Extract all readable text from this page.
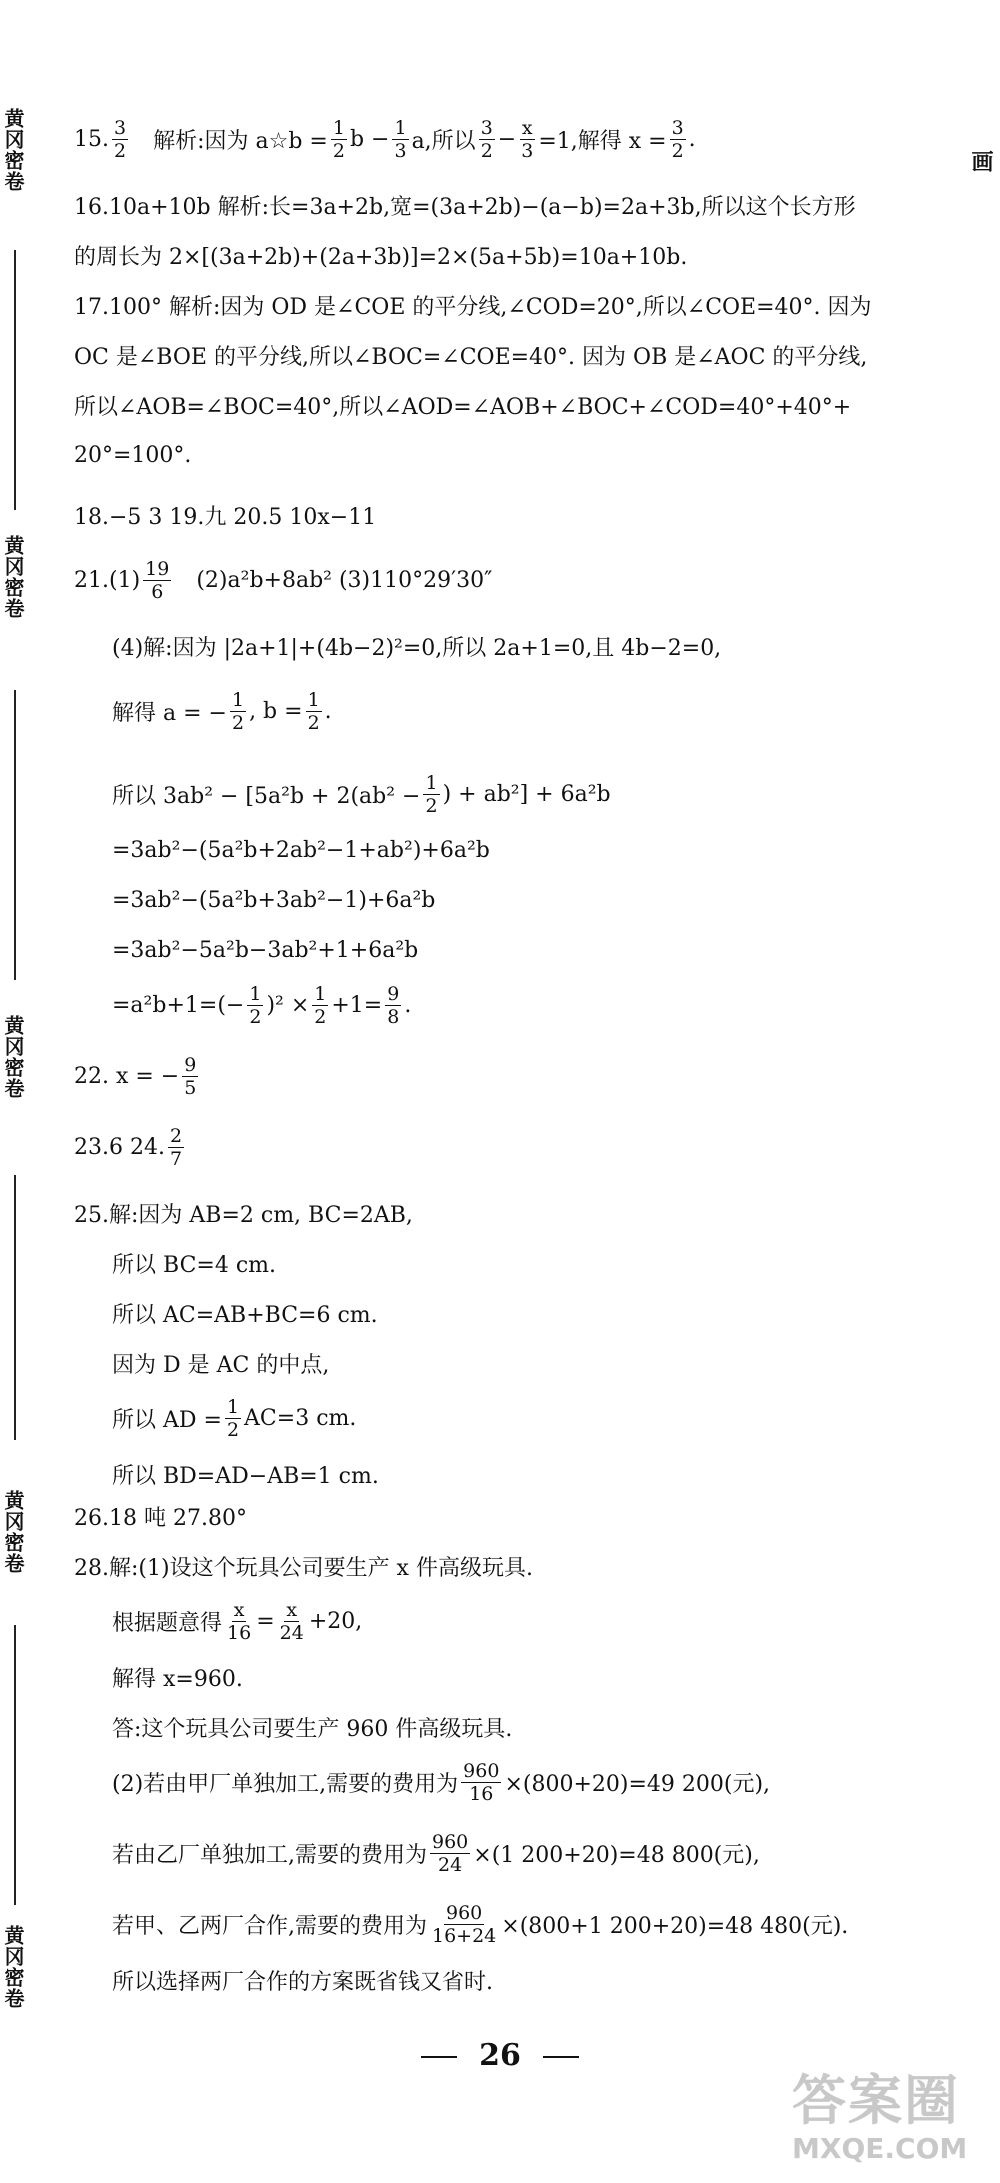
黄冈密卷
黄冈密卷
黄冈密卷
黄冈密卷
黄冈密卷
画
15. $\frac{3}{2}$ 解析:因为 a☆b = $\frac{1}{2}$ $b - \frac{1}{3} a$,所以 $\frac{3}{2} - \frac{x}{3} =1$,解得 $x = \frac{3}{2}$ .
16.10a+10b 解析:长=3a+2b,宽=(3a+2b)−(a−b)=2a+3b,所以这个长方形
的周长为 2×[(3a+2b)+(2a+3b)]=2×(5a+5b)=10a+10b.
17.100° 解析:因为 OD 是∠COE 的平分线,∠COD=20°,所以∠COE=40°. 因为
OC 是∠BOE 的平分线,所以∠BOC=∠COE=40°. 因为 OB 是∠AOC 的平分线,
所以∠AOB=∠BOC=40°,所以∠AOD=∠AOB+∠BOC+∠COD=40°+40°+
20°=100°.
18.−5 3 19.九 20.5 10x−11
$21.(1) \frac{19}{6} (2)a^2b+8ab^2$ (3)110°29′30″
(4)解:因为 |2a+1|+(4b−2)²=0,所以 2a+1=0,且 4b−2=0,
解得 a = − $\frac{1}{2}$ , $b = \frac{1}{2}$ .
所以 $3ab^2 - [5a^2b + 2(ab^2 - \frac{1}{2}$ ) + ab²] + 6a²b
=3ab²−(5a²b+2ab²−1+ab²)+6a²b
=3ab²−(5a²b+3ab²−1)+6a²b
=3ab²−5a²b−3ab²+1+6a²b
$=a^2b+1=(- \frac{1}{2} )^2 \times \frac{1}{2} +1= \frac{9}{8}$ .
22. x = − $\frac{9}{5}$
23.6 24. $\frac{2}{7}$
25.解:因为 AB=2 cm, BC=2AB,
所以 BC=4 cm.
所以 AC=AB+BC=6 cm.
因为 D 是 AC 的中点,
所以 AD = $\frac{1}{2} AC=3$ cm.
所以 BD=AD−AB=1 cm.
26.18 吨 27.80°
28.解:(1)设这个玩具公司要生产 x 件高级玩具.
根据题意得 $\frac{x}{16} = \frac{x}{24} +20$,
解得 x=960.
答:这个玩具公司要生产 960 件高级玩具.
(2)若由甲厂单独加工,需要的费用为 $\frac{960}{16} \times(800+20)=49$ 200(元),
若由乙厂单独加工,需要的费用为 $\frac{960}{24} \times(1$ 200+20)=48 800(元),
若甲、乙两厂合作,需要的费用为 $\frac{960}{16+24} \times(800+1$ 200+20)=48 480(元).
所以选择两厂合作的方案既省钱又省时.
26
答案圈
MXQE.COM
